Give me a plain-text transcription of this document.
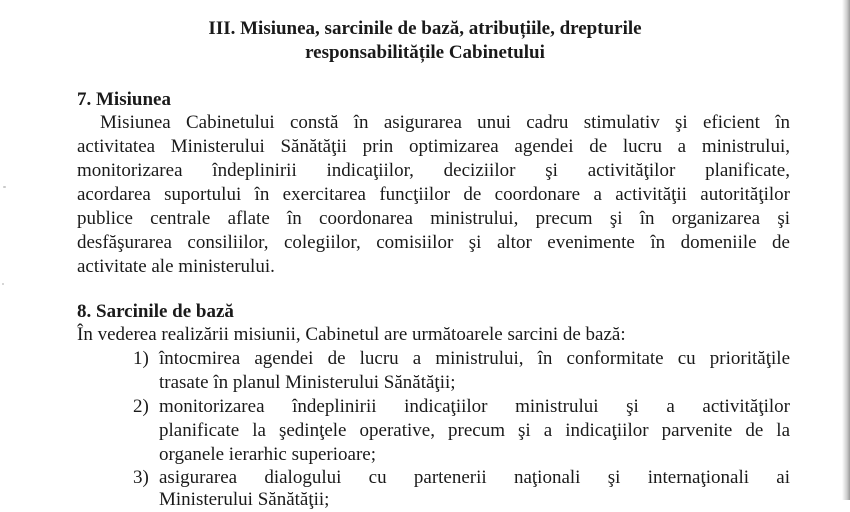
III. Misiunea, sarcinile de bază, atribuțiile, drepturile
responsabilitățile Cabinetului
7. Misiunea
Misiunea Cabinetului constă în asigurarea unui cadru stimulativ şi eficient în
activitatea Ministerului Sănătăţii prin optimizarea agendei de lucru a ministrului,
monitorizarea îndeplinirii indicaţiilor, deciziilor şi activităţilor planificate,
acordarea suportului în exercitarea funcţiilor de coordonare a activităţii autorităţilor
publice centrale aflate în coordonarea ministrului, precum şi în organizarea şi
desfăşurarea consiliilor, colegiilor, comisiilor şi altor evenimente în domeniile de
activitate ale ministerului.
8. Sarcinile de bază
În vederea realizării misiunii, Cabinetul are următoarele sarcini de bază:
1) întocmirea agendei de lucru a ministrului, în conformitate cu priorităţile
trasate în planul Ministerului Sănătăţii;
2) monitorizarea îndeplinirii indicaţiilor ministrului şi a activităţilor
planificate la şedinţele operative, precum şi a indicaţiilor parvenite de la
organele ierarhic superioare;
3) asigurarea dialogului cu partenerii naţionali şi internaţionali ai
Ministerului Sănătăţii;
